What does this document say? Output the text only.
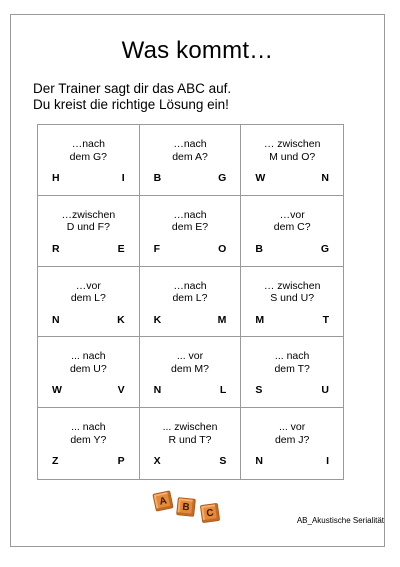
Was kommt…
Der Trainer sagt dir das ABC auf.
Du kreist die richtige Lösung ein!
…nach
dem G?
H	I
…nach
dem A?
B	G
… zwischen
M und O?
W	N
…zwischen
D und F?
R	E
…nach
dem E?
F	O
…vor
dem C?
B	G
…vor
dem L?
N	K
…nach
dem L?
K	M
… zwischen
S und U?
M	T
... nach
dem U?
W	V
... vor
dem M?
N	L
... nach
dem T?
S	U
... nach
dem Y?
Z	P
... zwischen
R und T?
X	S
... vor
dem J?
N	I
A	B
C
AB_Akustische Serialität
